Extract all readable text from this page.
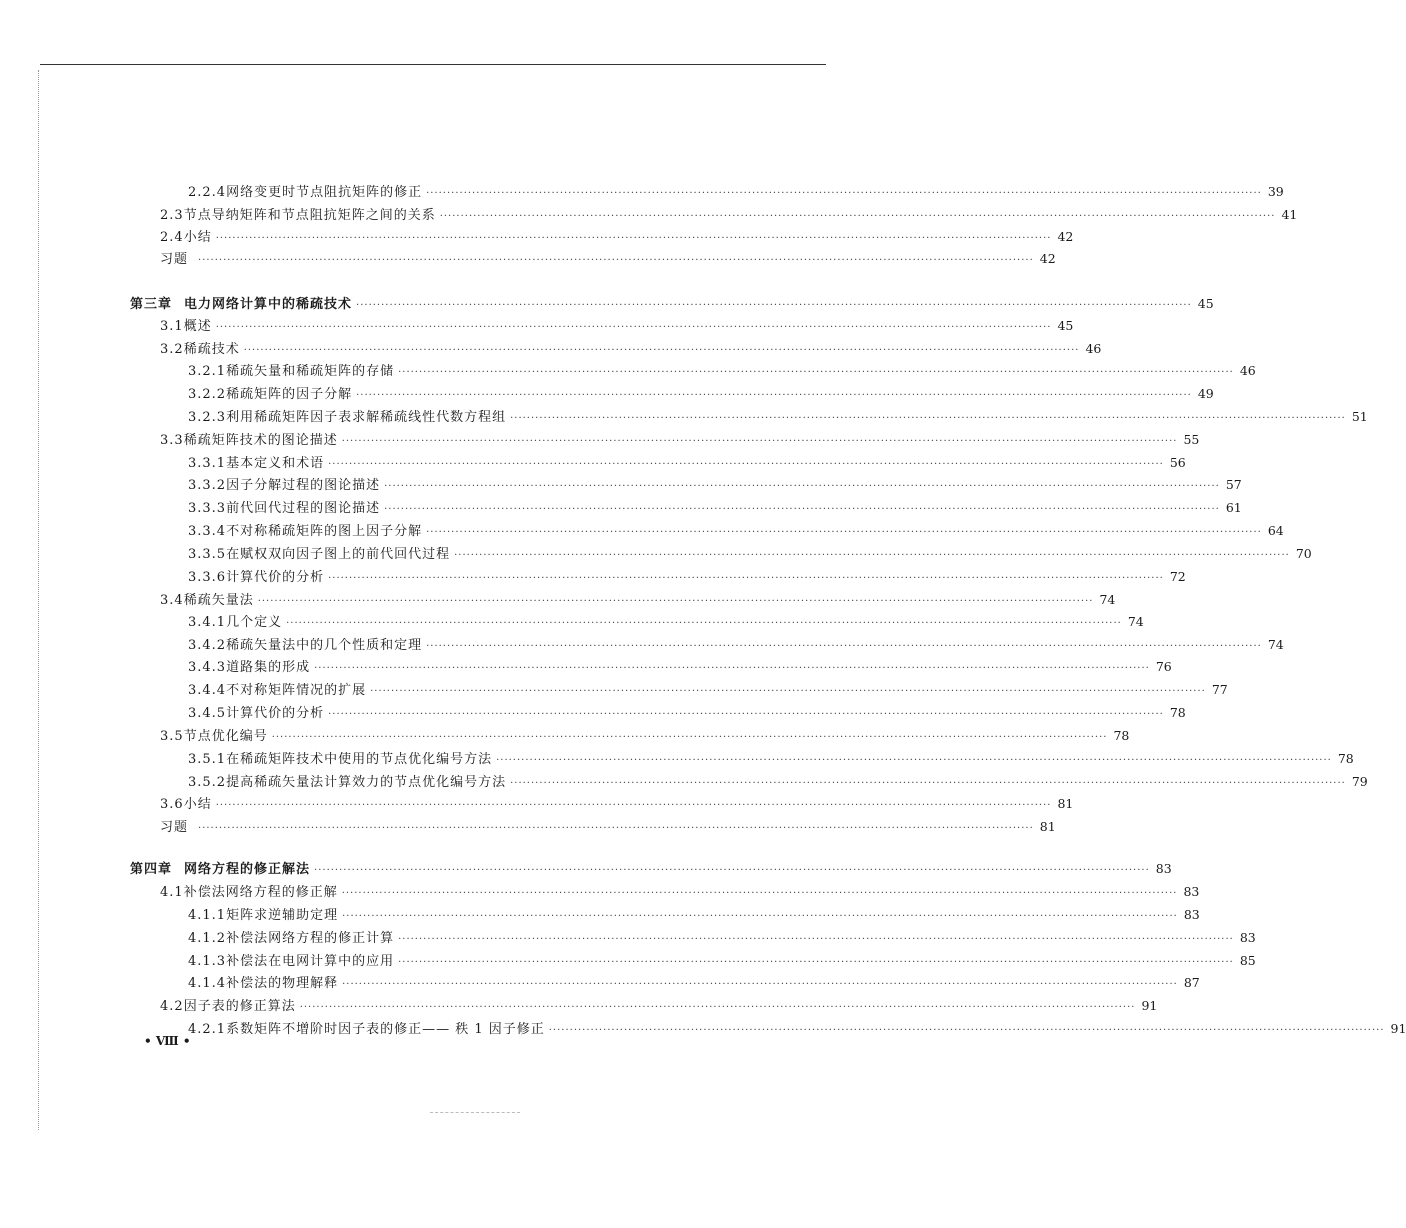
2.2.4 网络变更时节点阻抗矩阵的修正 ········································································································································································································ 39
2.3 节点导纳矩阵和节点阻抗矩阵之间的关系 ········································································································································································································ 41
2.4 小结 ········································································································································································································ 42
习题	········································································································································································································ 42
第三章 电力网络计算中的稀疏技术 ········································································································································································································ 45
3.1 概述 ········································································································································································································ 45
3.2 稀疏技术 ········································································································································································································ 46
3.2.1 稀疏矢量和稀疏矩阵的存储 ········································································································································································································ 46
3.2.2 稀疏矩阵的因子分解 ········································································································································································································ 49
3.2.3 利用稀疏矩阵因子表求解稀疏线性代数方程组 ········································································································································································································ 51
3.3 稀疏矩阵技术的图论描述 ········································································································································································································ 55
3.3.1 基本定义和术语 ········································································································································································································ 56
3.3.2 因子分解过程的图论描述 ········································································································································································································ 57
3.3.3 前代回代过程的图论描述 ········································································································································································································ 61
3.3.4 不对称稀疏矩阵的图上因子分解 ········································································································································································································ 64
3.3.5 在赋权双向因子图上的前代回代过程 ········································································································································································································ 70
3.3.6 计算代价的分析 ········································································································································································································ 72
3.4 稀疏矢量法 ········································································································································································································ 74
3.4.1 几个定义 ········································································································································································································ 74
3.4.2 稀疏矢量法中的几个性质和定理 ········································································································································································································ 74
3.4.3 道路集的形成 ········································································································································································································ 76
3.4.4 不对称矩阵情况的扩展 ········································································································································································································ 77
3.4.5 计算代价的分析 ········································································································································································································ 78
3.5 节点优化编号 ········································································································································································································ 78
3.5.1 在稀疏矩阵技术中使用的节点优化编号方法 ········································································································································································································ 78
3.5.2 提高稀疏矢量法计算效力的节点优化编号方法 ········································································································································································································ 79
3.6 小结 ········································································································································································································ 81
习题	········································································································································································································ 81
第四章 网络方程的修正解法 ········································································································································································································ 83
4.1 补偿法网络方程的修正解 ········································································································································································································ 83
4.1.1 矩阵求逆辅助定理 ········································································································································································································ 83
4.1.2 补偿法网络方程的修正计算 ········································································································································································································ 83
4.1.3 补偿法在电网计算中的应用 ········································································································································································································ 85
4.1.4 补偿法的物理解释 ········································································································································································································ 87
4.2 因子表的修正算法 ········································································································································································································ 91
4.2.1 系数矩阵不增阶时因子表的修正—— 秩 1 因子修正 ········································································································································································································ 91
• Ⅷ •
